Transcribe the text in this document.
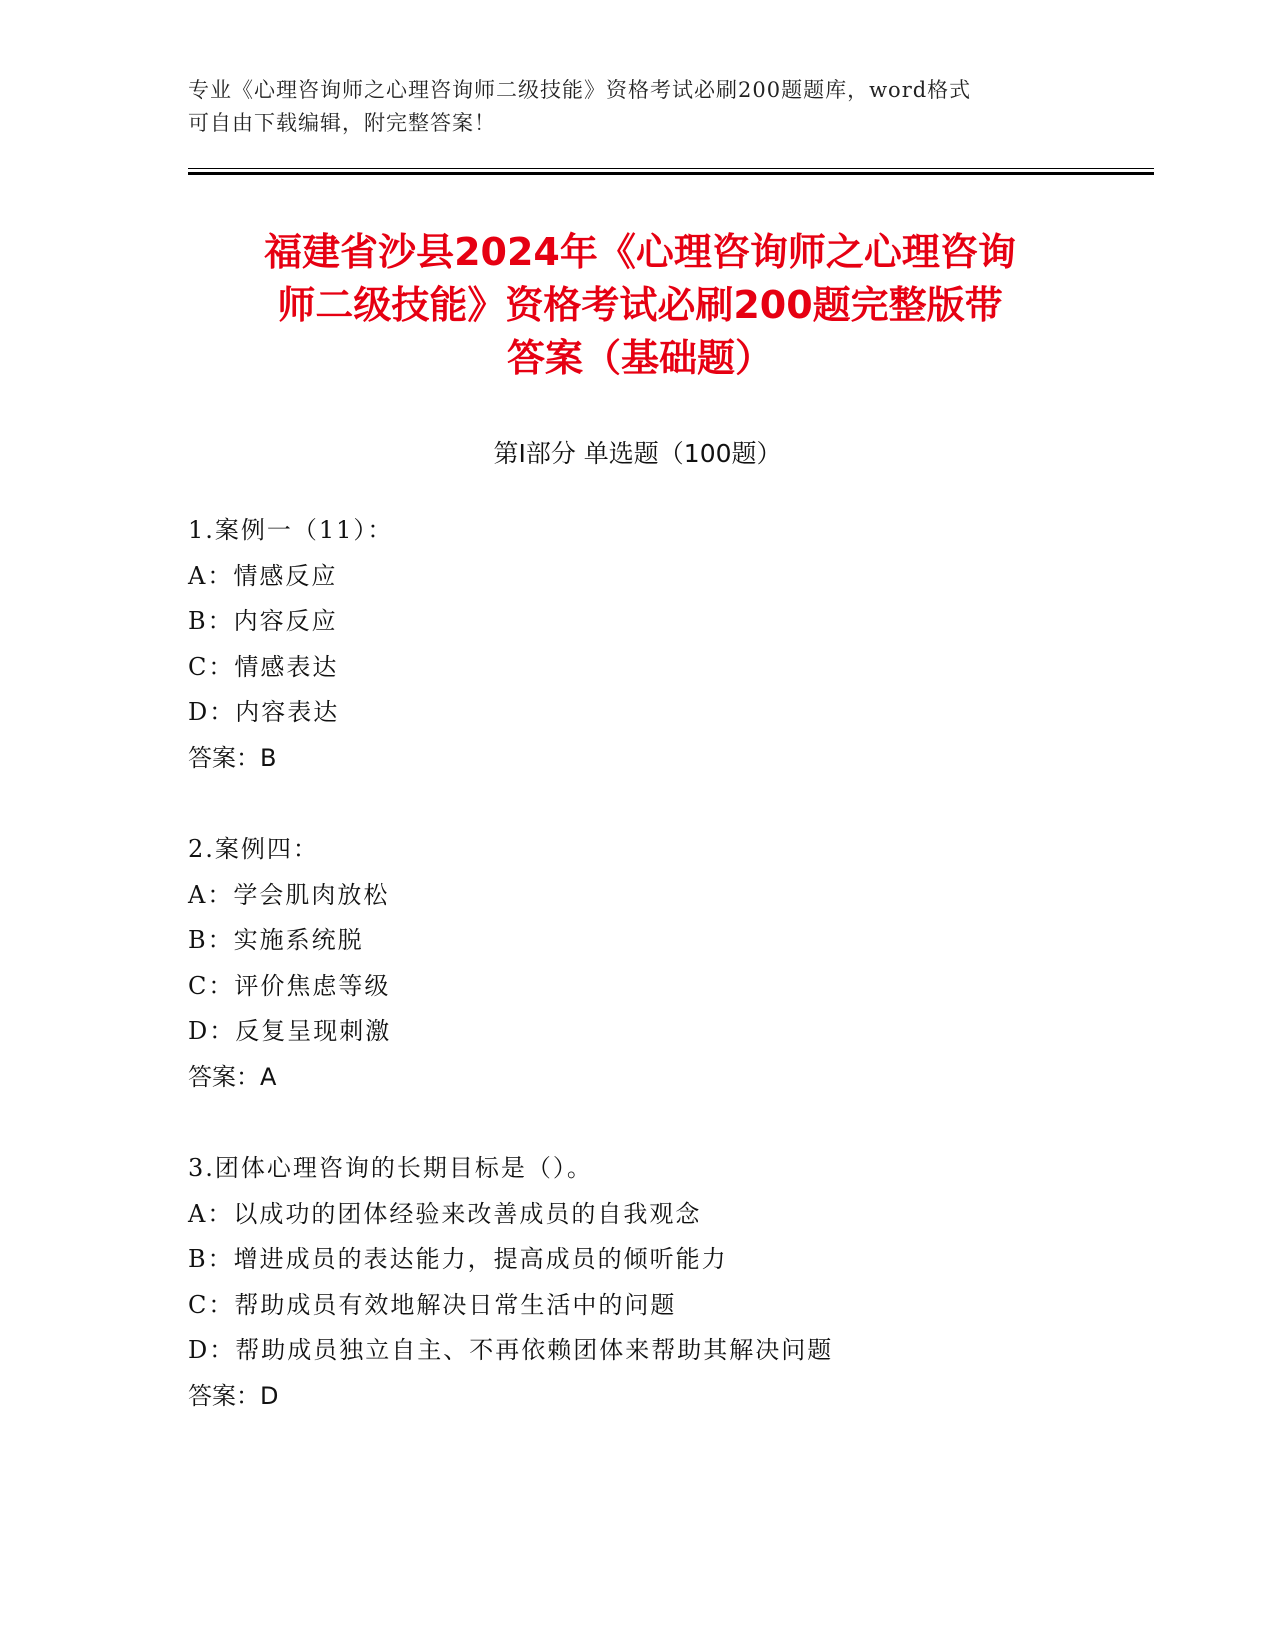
专业《心理咨询师之心理咨询师二级技能》资格考试必刷200题题库，word格式
可自由下载编辑，附完整答案！
福建省沙县2024年《心理咨询师之心理咨询
师二级技能》资格考试必刷200题完整版带
答案（基础题）
第Ⅰ部分 单选题（100题）
1.案例一（11）：
A：情感反应
B：内容反应
C：情感表达
D：内容表达
答案：B
2.案例四：
A：学会肌肉放松
B：实施系统脱
C：评价焦虑等级
D：反复呈现刺激
答案：A
3.团体心理咨询的长期目标是（）。
A：以成功的团体经验来改善成员的自我观念
B：增进成员的表达能力，提高成员的倾听能力
C：帮助成员有效地解决日常生活中的问题
D：帮助成员独立自主、不再依赖团体来帮助其解决问题
答案：D
